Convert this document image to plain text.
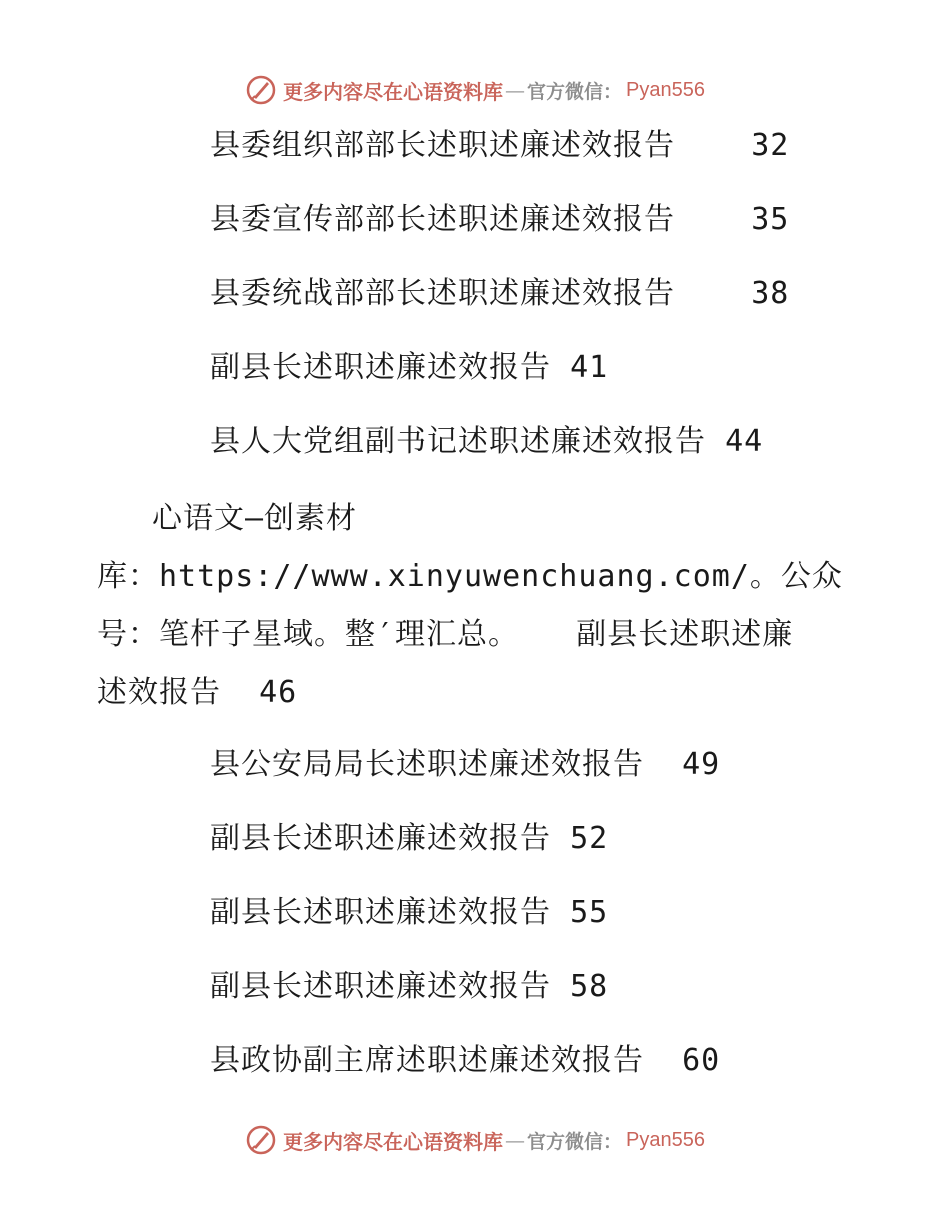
更多内容尽在心语资料库 — 官方微信： Pyan556
县委组织部部长述职述廉述效报告	32
县委宣传部部长述职述廉述效报告	35
县委统战部部长述职述廉述效报告	38
副县长述职述廉述效报告 41
县人大党组副书记述职述廉述效报告 44

心语文—创素材
库：https://www.xinyuwenchuang.com/。公众
号：笔杆子星域。整′理汇总。   副县长述职述廉
述效报告  46

县公安局局长述职述廉述效报告 49
副县长述职述廉述效报告 52
副县长述职述廉述效报告 55
副县长述职述廉述效报告 58
县政协副主席述职述廉述效报告 60
更多内容尽在心语资料库 — 官方微信： Pyan556
